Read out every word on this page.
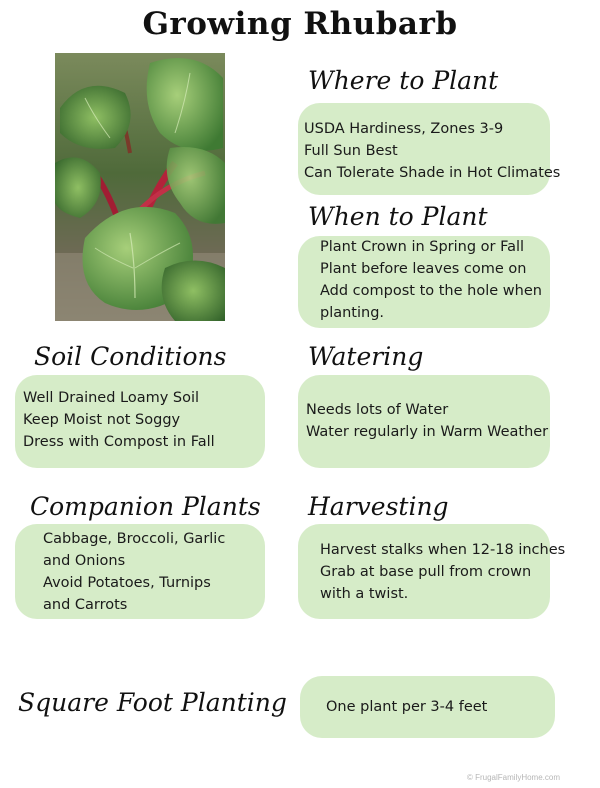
Growing Rhubarb
Where to Plant
USDA Hardiness, Zones 3-9
Full Sun Best
Can Tolerate Shade in Hot Climates
When to Plant
Plant Crown in Spring or Fall
Plant before leaves come on
Add compost to the hole when
planting.
Soil Conditions
Well Drained Loamy Soil
Keep Moist not Soggy
Dress with Compost in Fall
Watering
Needs lots of Water
Water regularly in Warm Weather
Companion Plants
Cabbage, Broccoli, Garlic
and Onions
Avoid Potatoes, Turnips
and Carrots
Harvesting
Harvest stalks when 12-18 inches
Grab at base pull from crown
with a twist.
Square Foot Planting	One plant per 3-4 feet
© FrugalFamilyHome.com
